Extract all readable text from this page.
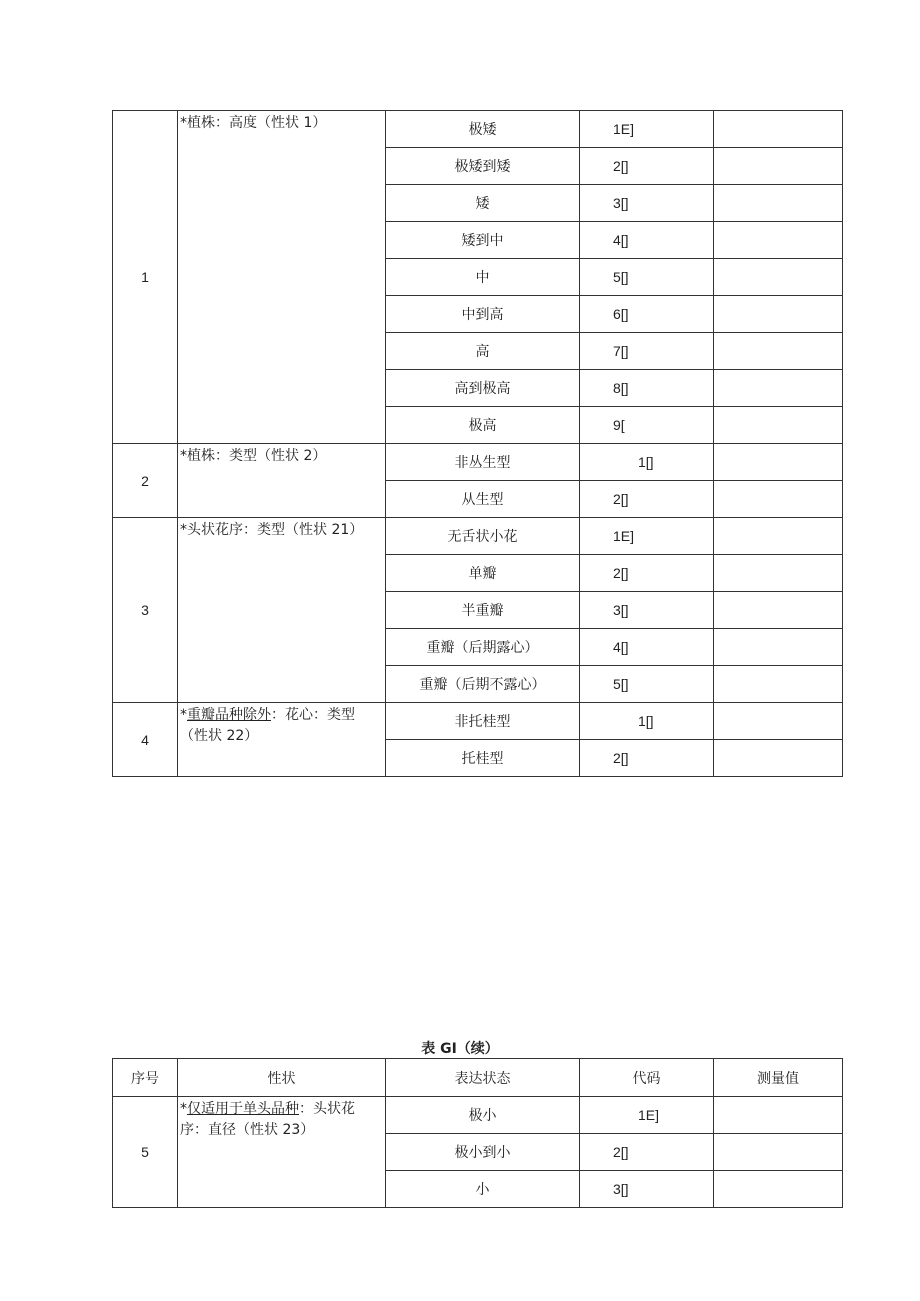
1	*植株：高度（性状 1）	极矮	1E]	
		极矮到矮	2[]	
		矮	3[]	
		矮到中	4[]	
		中	5[]	
		中到高	6[]	
		高	7[]	
		高到极高	8[]	
		极高	9[	
2	*植株：类型（性状 2）	非丛生型	1[]	
		从生型	2[]	
3	*头状花序：类型（性状 21）	无舌状小花	1E]	
		单瓣	2[]	
		半重瓣	3[]	
		重瓣（后期露心）	4[]	
		重瓣（后期不露心）	5[]	
4	*重瓣品种除外：花心：类型（性状 22）	非托桂型	1[]	
		托桂型	2[]	
表 GI（续）
序号	性状	表达状态	代码	测量值
5	*仅适用于单头品种：头状花序：直径（性状 23）	极小	1E]	
		极小到小	2[]	
		小	3[]	
